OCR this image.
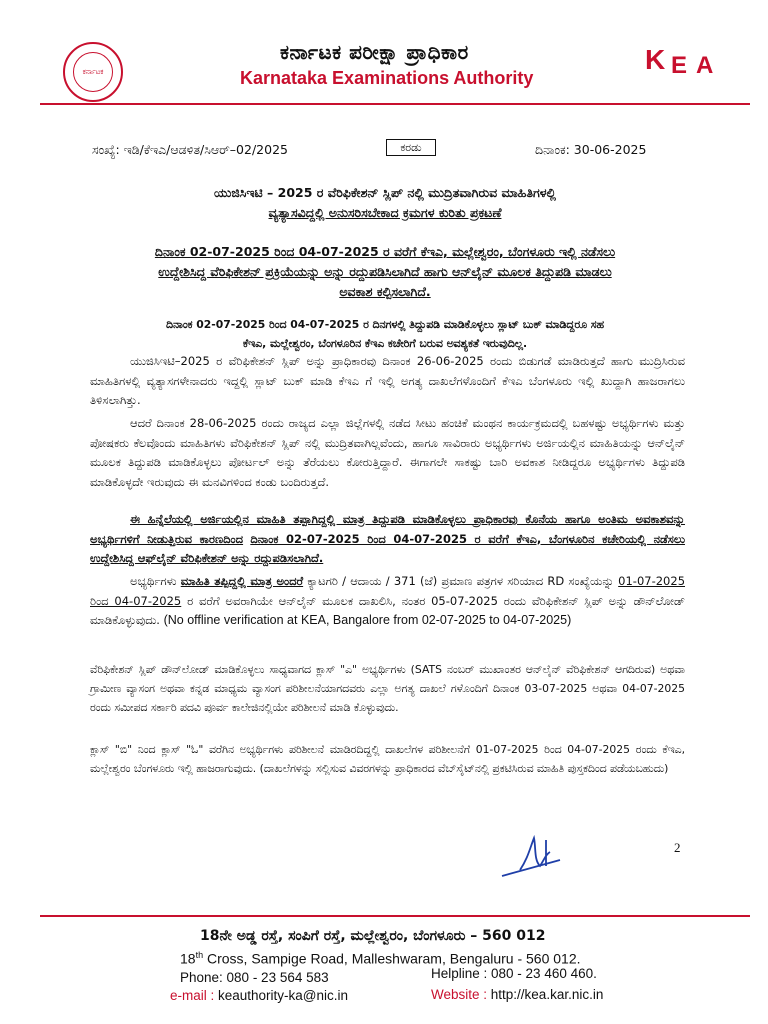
ಕರ್ನಾಟಕ
ಕರ್ನಾಟಕ ಪರೀಕ್ಷಾ ಪ್ರಾಧಿಕಾರ
Karnataka Examinations Authority
K E A
ಸಂಖ್ಯೆ: ಇಡಿ/ಕೆಇಎ/ಆಡಳಿತ/ಸಿಆರ್–02/2025	ಕರಡು	ದಿನಾಂಕ: 30-06-2025
ಯುಜಿಸಿಇಟಿ – 2025 ರ ವೆರಿಫಿಕೇಶನ್ ಸ್ಲಿಪ್ ನಲ್ಲಿ ಮುದ್ರಿತವಾಗಿರುವ ಮಾಹಿತಿಗಳಲ್ಲಿ
ವ್ಯತ್ಯಾಸವಿದ್ದಲ್ಲಿ ಅನುಸರಿಸಬೇಕಾದ ಕ್ರಮಗಳ ಕುರಿತು ಪ್ರಕಟಣೆ
ದಿನಾಂಕ 02-07-2025 ರಿಂದ 04-07-2025 ರ ವರೆಗೆ ಕೆಇಎ, ಮಲ್ಲೇಶ್ವರಂ, ಬೆಂಗಳೂರು ಇಲ್ಲಿ ನಡೆಸಲು
ಉದ್ದೇಶಿಸಿದ್ದ ವೆರಿಫಿಕೇಶನ್ ಪ್ರಕ್ರಿಯೆಯನ್ನು ಅನ್ನು ರದ್ದುಪಡಿಸಿಲಾಗಿದೆ ಹಾಗು ಆನ್‌ಲೈನ್ ಮೂಲಕ ತಿದ್ದುಪಡಿ ಮಾಡಲು
ಅವಕಾಶ ಕಲ್ಪಿಸಲಾಗಿದೆ.
ದಿನಾಂಕ 02-07-2025 ರಿಂದ 04-07-2025 ರ ದಿನಗಳಲ್ಲಿ ತಿದ್ದುಪಡಿ ಮಾಡಿಕೊಳ್ಳಲು ಸ್ಲಾಟ್ ಬುಕ್ ಮಾಡಿದ್ದರೂ ಸಹ
ಕೆಇಎ, ಮಲ್ಲೇಶ್ವರಂ, ಬೆಂಗಳೂರಿನ ಕೆಇಎ ಕಚೇರಿಗೆ ಬರುವ ಅವಶ್ಯಕತೆ ಇರುವುದಿಲ್ಲ.
ಯುಜಿಸಿಇಟಿ–2025 ರ ವೆರಿಫಿಕೇಶನ್ ಸ್ಲಿಪ್ ಅನ್ನು ಪ್ರಾಧಿಕಾರವು ದಿನಾಂಕ 26-06-2025 ರಂದು ಬಿಡುಗಡೆ ಮಾಡಿರುತ್ತದೆ ಹಾಗು ಮುದ್ರಿಸಿರುವ ಮಾಹಿತಿಗಳಲ್ಲಿ ವ್ಯತ್ಯಾಸಗಳೇನಾದರು ಇದ್ದಲ್ಲಿ ಸ್ಲಾಟ್ ಬುಕ್ ಮಾಡಿ ಕೆಇಎ ಗೆ ಇಲ್ಲಿ ಅಗತ್ಯ ದಾಖಲೆಗಳೊಂದಿಗೆ ಕೆಇಎ ಬೆಂಗಳೂರು ಇಲ್ಲಿ ಖುದ್ದಾಗಿ ಹಾಜರಾಗಲು ತಿಳಿಸಲಾಗಿತ್ತು.
ಆದರೆ ದಿನಾಂಕ 28-06-2025 ರಂದು ರಾಜ್ಯದ ಎಲ್ಲಾ ಜಿಲ್ಲೆಗಳಲ್ಲಿ ನಡೆದ ಸೀಟು ಹಂಚಿಕೆ ಮಂಥನ ಕಾರ್ಯಕ್ರಮದಲ್ಲಿ ಬಹಳಷ್ಟು ಅಭ್ಯರ್ಥಿಗಳು ಮತ್ತು ಪೋಷಕರು ಕೆಲವೊಂದು ಮಾಹಿತಿಗಳು ವೆರಿಫಿಕೇಶನ್ ಸ್ಲಿಪ್ ನಲ್ಲಿ ಮುದ್ರಿತವಾಗಿಲ್ಲವೆಂದು, ಹಾಗೂ ಸಾವಿರಾರು ಅಭ್ಯರ್ಥಿಗಳು ಅರ್ಜಿಯಲ್ಲಿನ ಮಾಹಿತಿಯನ್ನು ಆನ್‌ಲೈನ್ ಮೂಲಕ ತಿದ್ದುಪಡಿ ಮಾಡಿಕೊಳ್ಳಲು ಪೋರ್ಟಲ್ ಅನ್ನು ತೆರೆಯಲು ಕೋರುತ್ತಿದ್ದಾರೆ. ಈಗಾಗಲೇ ಸಾಕಷ್ಟು ಬಾರಿ ಅವಕಾಶ ನೀಡಿದ್ದರೂ ಅಭ್ಯರ್ಥಿಗಳು ತಿದ್ದುಪಡಿ ಮಾಡಿಕೊಳ್ಳದೇ ಇರುವುದು ಈ ಮನವಿಗಳಿಂದ ಕಂಡು ಬಂದಿರುತ್ತದೆ.
ಈ ಹಿನ್ನೆಲೆಯಲ್ಲಿ ಅರ್ಜಿಯಲ್ಲಿನ ಮಾಹಿತಿ ತಪ್ಪಾಗಿದ್ದಲ್ಲಿ ಮಾತ್ರ ತಿದ್ದುಪಡಿ ಮಾಡಿಕೊಳ್ಳಲು ಪ್ರಾಧಿಕಾರವು ಕೊನೆಯ ಹಾಗೂ ಅಂತಿಮ ಅವಕಾಶವನ್ನು ಅಭ್ಯರ್ಥಿಗಳಿಗೆ ನೀಡುತ್ತಿರುವ ಕಾರಣದಿಂದ ದಿನಾಂಕ 02-07-2025 ರಿಂದ 04-07-2025 ರ ವರೆಗೆ ಕೆಇಎ, ಬೆಂಗಳೂರಿನ ಕಚೇರಿಯಲ್ಲಿ ನಡೆಸಲು ಉದ್ದೇಶಿಸಿದ್ದ ಆಫ್‌ಲೈನ್ ವೆರಿಫಿಕೇಶನ್ ಅನ್ನು ರದ್ದುಪಡಿಸಲಾಗಿದೆ.
ಅಭ್ಯರ್ಥಿಗಳು ಮಾಹಿತಿ ತಪ್ಪಿದ್ದಲ್ಲಿ ಮಾತ್ರ ಅಂದರೆ ಕ್ಯಾಟಗರಿ / ಆದಾಯ / 371 (ಜೆ) ಪ್ರಮಾಣ ಪತ್ರಗಳ ಸರಿಯಾದ RD ಸಂಖ್ಯೆಯನ್ನು 01-07-2025 ರಿಂದ 04-07-2025 ರ ವರೆಗೆ ಅವರಾಗಿಯೇ ಆನ್‌ಲೈನ್ ಮೂಲಕ ದಾಖಲಿಸಿ, ನಂತರ 05-07-2025 ರಂದು ವೆರಿಫಿಕೇಶನ್ ಸ್ಲಿಪ್ ಅನ್ನು ಡೌನ್‌ಲೋಡ್ ಮಾಡಿಕೊಳ್ಳುವುದು. (No offline verification at KEA, Bangalore from 02-07-2025 to 04-07-2025)
ವೆರಿಫಿಕೇಶನ್ ಸ್ಲಿಪ್ ಡೌನ್‌ಲೋಡ್ ಮಾಡಿಕೊಳ್ಳಲು ಸಾಧ್ಯವಾಗದ ಕ್ಲಾಸ್ "ಎ" ಅಭ್ಯರ್ಥಿಗಳು (SATS ನಂಬರ್ ಮುಖಾಂತರ ಆನ್‌ಲೈನ್ ವೆರಿಫಿಕೇಶನ್ ಆಗದಿರುವ) ಅಥವಾ ಗ್ರಾಮೀಣ ವ್ಯಾಸಂಗ ಅಥವಾ ಕನ್ನಡ ಮಾಧ್ಯಮ ವ್ಯಾಸಂಗ ಪರಿಶೀಲನೆಯಾಗದವರು ಎಲ್ಲಾ ಅಗತ್ಯ ದಾಖಲೆ ಗಳೊಂದಿಗೆ ದಿನಾಂಕ 03-07-2025 ಅಥವಾ 04-07-2025 ರಂದು ಸಮೀಪದ ಸರ್ಕಾರಿ ಪದವಿ ಪೂರ್ವ ಕಾಲೇಜಿನಲ್ಲಿಯೇ ಪರಿಶೀಲನೆ ಮಾಡಿ ಕೊಳ್ಳುವುದು.
ಕ್ಲಾಸ್ "ಬಿ" ನಿಂದ ಕ್ಲಾಸ್ "ಓ" ವರೆಗಿನ ಅಭ್ಯರ್ಥಿಗಳು ಪರಿಶೀಲನೆ ಮಾಡಿರದಿದ್ದಲ್ಲಿ ದಾಖಲೆಗಳ ಪರಿಶೀಲನೆಗೆ 01-07-2025 ರಿಂದ 04-07-2025 ರಂದು ಕೆಇಎ, ಮಲ್ಲೇಶ್ವರಂ ಬೆಂಗಳೂರು ಇಲ್ಲಿ ಹಾಜರಾಗುವುದು. (ದಾಖಲೆಗಳನ್ನು ಸಲ್ಲಿಸುವ ವಿವರಗಳನ್ನು ಪ್ರಾಧಿಕಾರದ ವೆಬ್‌ಸೈಟ್‌ನಲ್ಲಿ ಪ್ರಕಟಿಸಿರುವ ಮಾಹಿತಿ ಪುಸ್ತಕದಿಂದ ಪಡೆಯಬಹುದು)
2
18ನೇ ಅಡ್ಡ ರಸ್ತೆ, ಸಂಪಿಗೆ ರಸ್ತೆ, ಮಲ್ಲೇಶ್ವರಂ, ಬೆಂಗಳೂರು – 560 012
18th Cross, Sampige Road, Malleshwaram, Bengaluru - 560 012.
Phone: 080 - 23 564 583	Helpline : 080 - 23 460 460.
e-mail : keauthority-ka@nic.in	Website : http://kea.kar.nic.in
